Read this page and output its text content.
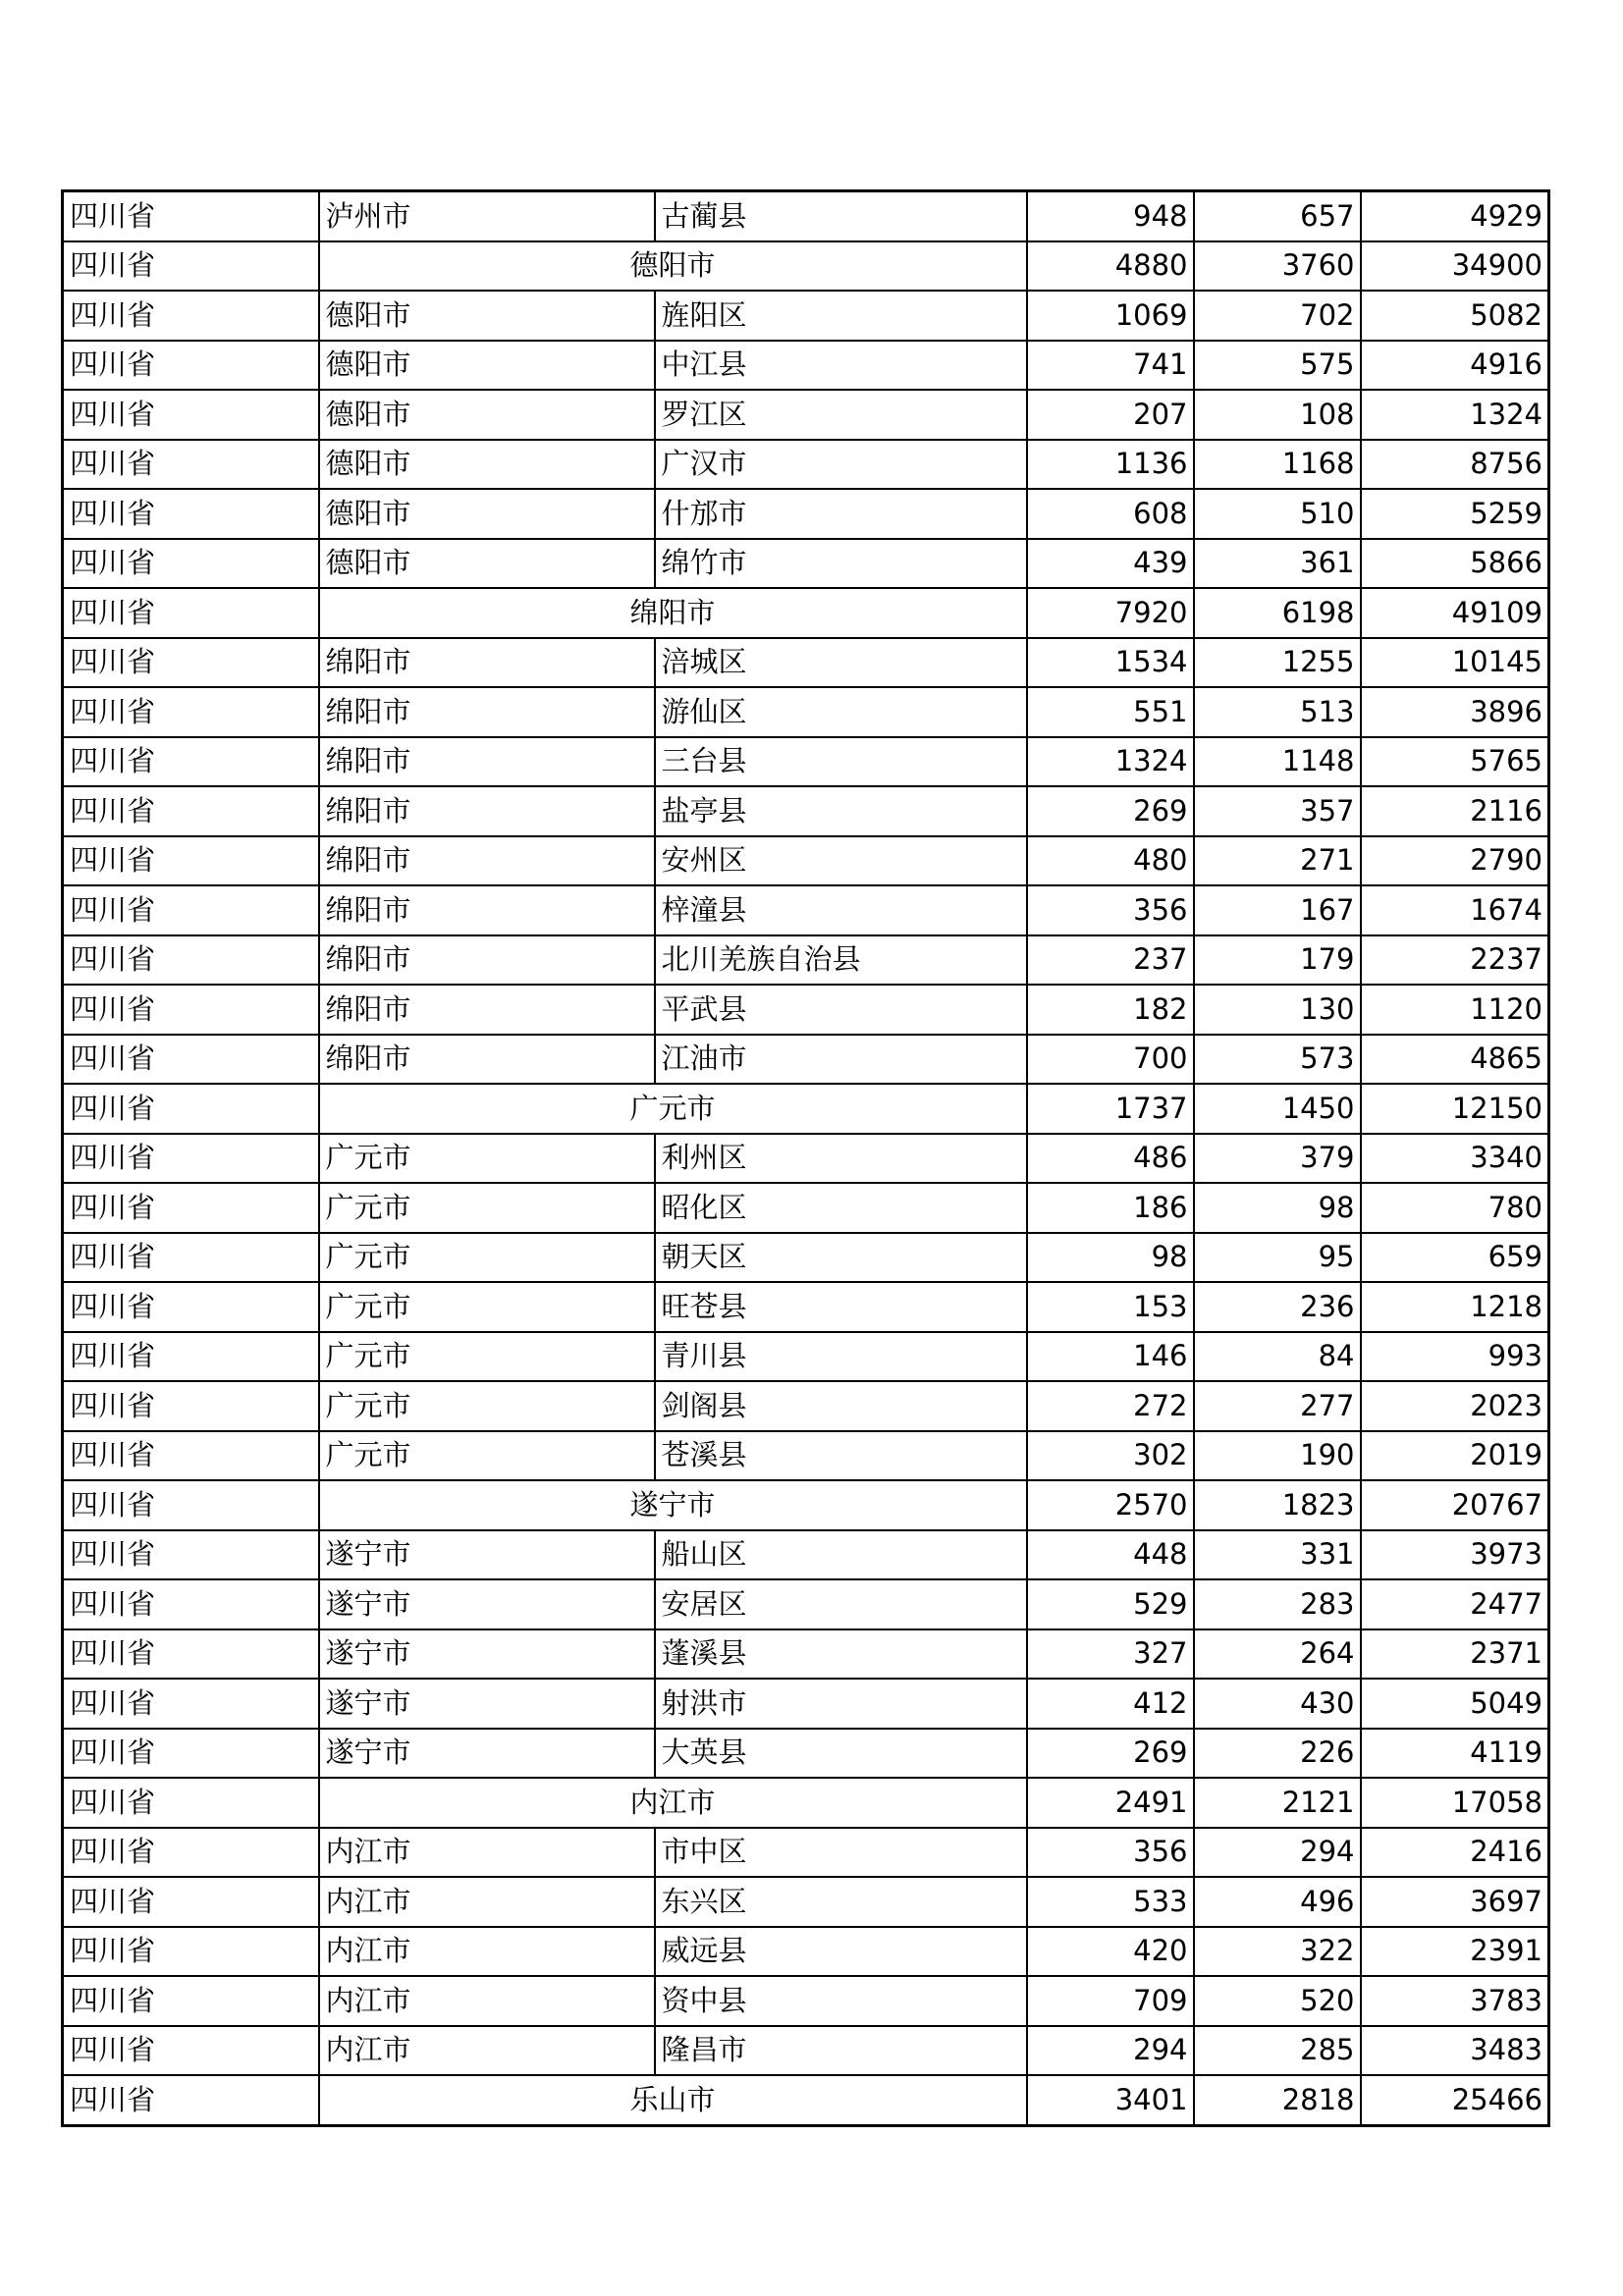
四川省	泸州市	古蔺县	948	657	4929
四川省	德阳市		4880	3760	34900
四川省	德阳市	旌阳区	1069	702	5082
四川省	德阳市	中江县	741	575	4916
四川省	德阳市	罗江区	207	108	1324
四川省	德阳市	广汉市	1136	1168	8756
四川省	德阳市	什邡市	608	510	5259
四川省	德阳市	绵竹市	439	361	5866
四川省	绵阳市		7920	6198	49109
四川省	绵阳市	涪城区	1534	1255	10145
四川省	绵阳市	游仙区	551	513	3896
四川省	绵阳市	三台县	1324	1148	5765
四川省	绵阳市	盐亭县	269	357	2116
四川省	绵阳市	安州区	480	271	2790
四川省	绵阳市	梓潼县	356	167	1674
四川省	绵阳市	北川羌族自治县	237	179	2237
四川省	绵阳市	平武县	182	130	1120
四川省	绵阳市	江油市	700	573	4865
四川省	广元市		1737	1450	12150
四川省	广元市	利州区	486	379	3340
四川省	广元市	昭化区	186	98	780
四川省	广元市	朝天区	98	95	659
四川省	广元市	旺苍县	153	236	1218
四川省	广元市	青川县	146	84	993
四川省	广元市	剑阁县	272	277	2023
四川省	广元市	苍溪县	302	190	2019
四川省	遂宁市		2570	1823	20767
四川省	遂宁市	船山区	448	331	3973
四川省	遂宁市	安居区	529	283	2477
四川省	遂宁市	蓬溪县	327	264	2371
四川省	遂宁市	射洪市	412	430	5049
四川省	遂宁市	大英县	269	226	4119
四川省	内江市		2491	2121	17058
四川省	内江市	市中区	356	294	2416
四川省	内江市	东兴区	533	496	3697
四川省	内江市	威远县	420	322	2391
四川省	内江市	资中县	709	520	3783
四川省	内江市	隆昌市	294	285	3483
四川省	乐山市		3401	2818	25466
